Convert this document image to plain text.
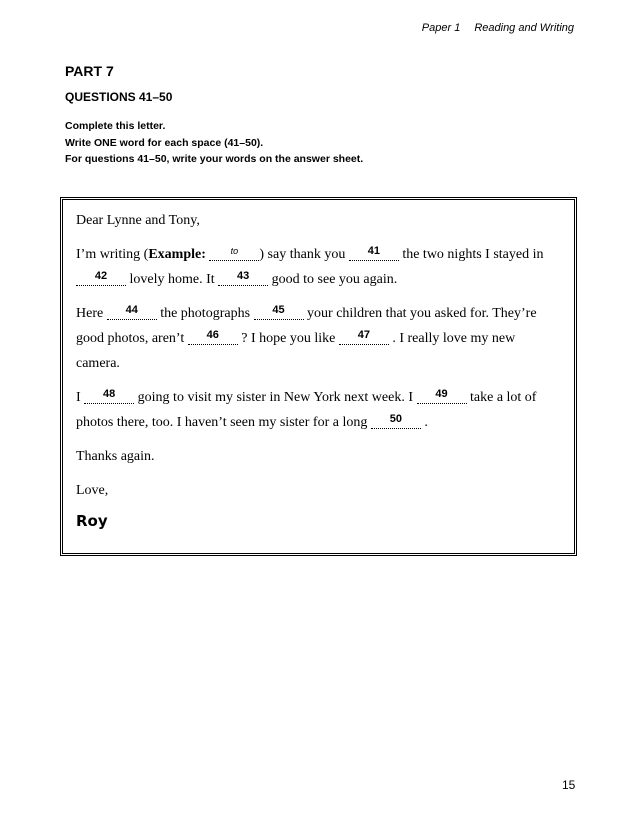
Paper 1 Reading and Writing
PART 7
QUESTIONS 41–50
Complete this letter.
Write ONE word for each space (41–50).
For questions 41–50, write your words on the answer sheet.

Dear Lynne and Tony,

I’m writing (Example:	$^{to}$ ) say thank you 41 the two nights I stayed in 42 lovely home. It 43 good to see you again.

Here 44 the photographs 45 your children that you asked for. They’re good photos, aren’t 46 ? I hope you like 47 . I really love my new camera.

I 48 going to visit my sister in New York next week. I 49 take a lot of photos there, too. I haven’t seen my sister for a long 50 .

Thanks again.

Love,

Roy
15
